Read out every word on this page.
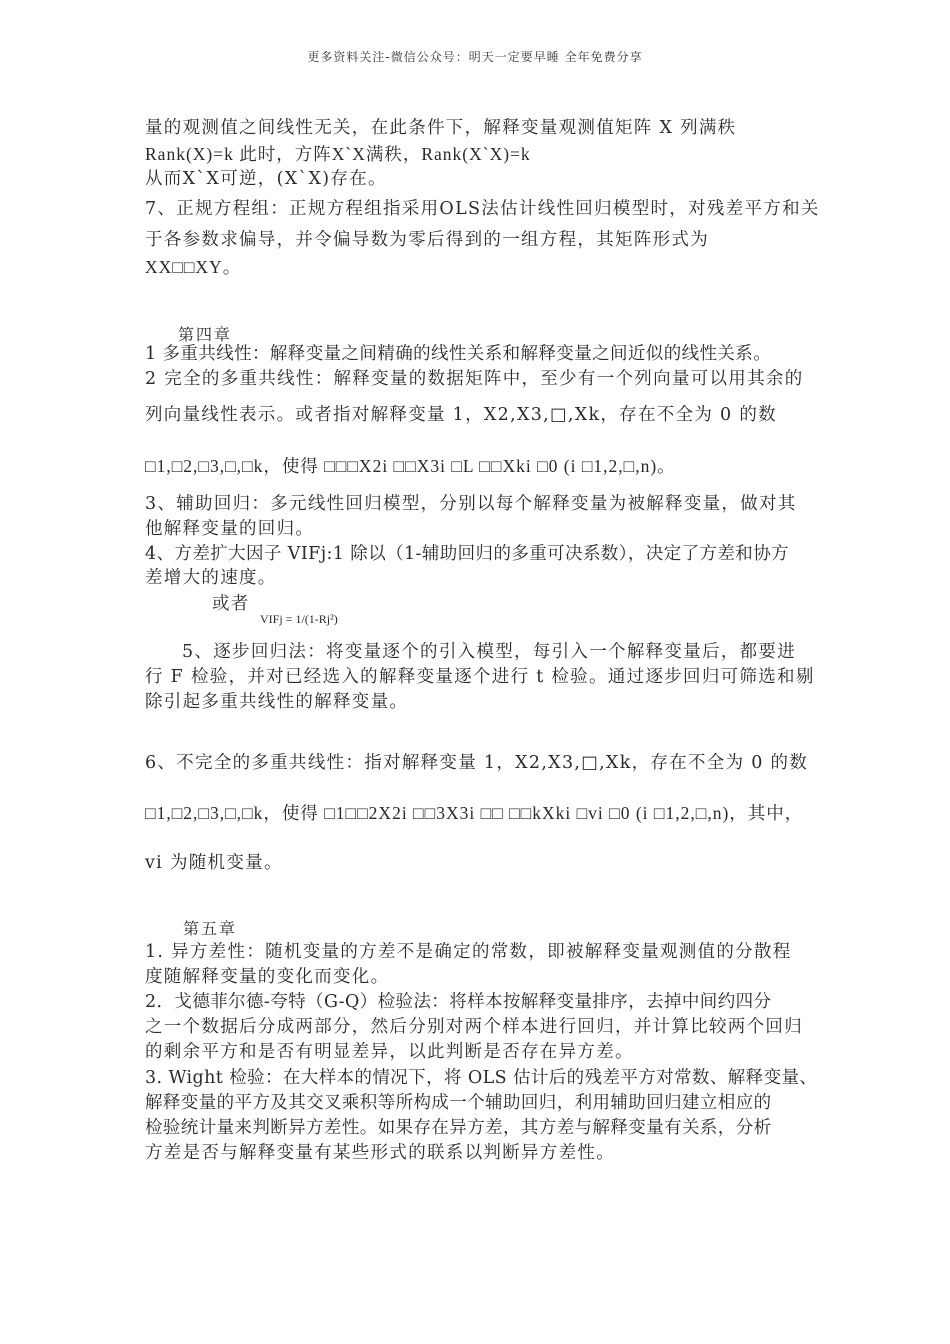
更多资料关注-微信公众号：明天一定要早睡 全年免费分享
量的观测值之间线性无关，在此条件下，解释变量观测值矩阵 X 列满秩
Rank(X)=k 此时，方阵X`X满秩，Rank(X`X)=k
从而X`X可逆，(X`X)存在。
7、正规方程组：正规方程组指采用OLS法估计线性回归模型时，对残差平方和关
于各参数求偏导，并令偏导数为零后得到的一组方程，其矩阵形式为
XX□□XY。
第四章
1 多重共线性：解释变量之间精确的线性关系和解释变量之间近似的线性关系。
2 完全的多重共线性：解释变量的数据矩阵中，至少有一个列向量可以用其余的
列向量线性表示。或者指对解释变量 1，X2,X3,□,Xk，存在不全为 0 的数
□1,□2,□3,□,□k，使得 □□□X2i □□X3i □L □□Xki □0 (i □1,2,□,n)。
3、辅助回归：多元线性回归模型，分别以每个解释变量为被解释变量，做对其
他解释变量的回归。
4、方差扩大因子 VIFj:1 除以（1-辅助回归的多重可决系数），决定了方差和协方
差增大的速度。
或者
VIFj = 1/(1-Rj²)
5、逐步回归法：将变量逐个的引入模型，每引入一个解释变量后，都要进
行 F 检验，并对已经选入的解释变量逐个进行 t 检验。通过逐步回归可筛选和剔
除引起多重共线性的解释变量。
6、不完全的多重共线性：指对解释变量 1，X2,X3,□,Xk，存在不全为 0 的数
□1,□2,□3,□,□k，使得 □1□□2X2i □□3X3i □□ □□kXki □vi □0 (i □1,2,□,n)，其中，
vi 为随机变量。
第五章
1. 异方差性：随机变量的方差不是确定的常数，即被解释变量观测值的分散程
度随解释变量的变化而变化。
2．戈德菲尔德-夸特（G-Q）检验法：将样本按解释变量排序，去掉中间约四分
之一个数据后分成两部分，然后分别对两个样本进行回归，并计算比较两个回归
的剩余平方和是否有明显差异，以此判断是否存在异方差。
3. Wight 检验：在大样本的情况下，将 OLS 估计后的残差平方对常数、解释变量、
解释变量的平方及其交叉乘积等所构成一个辅助回归，利用辅助回归建立相应的
检验统计量来判断异方差性。如果存在异方差，其方差与解释变量有关系，分析
方差是否与解释变量有某些形式的联系以判断异方差性。
